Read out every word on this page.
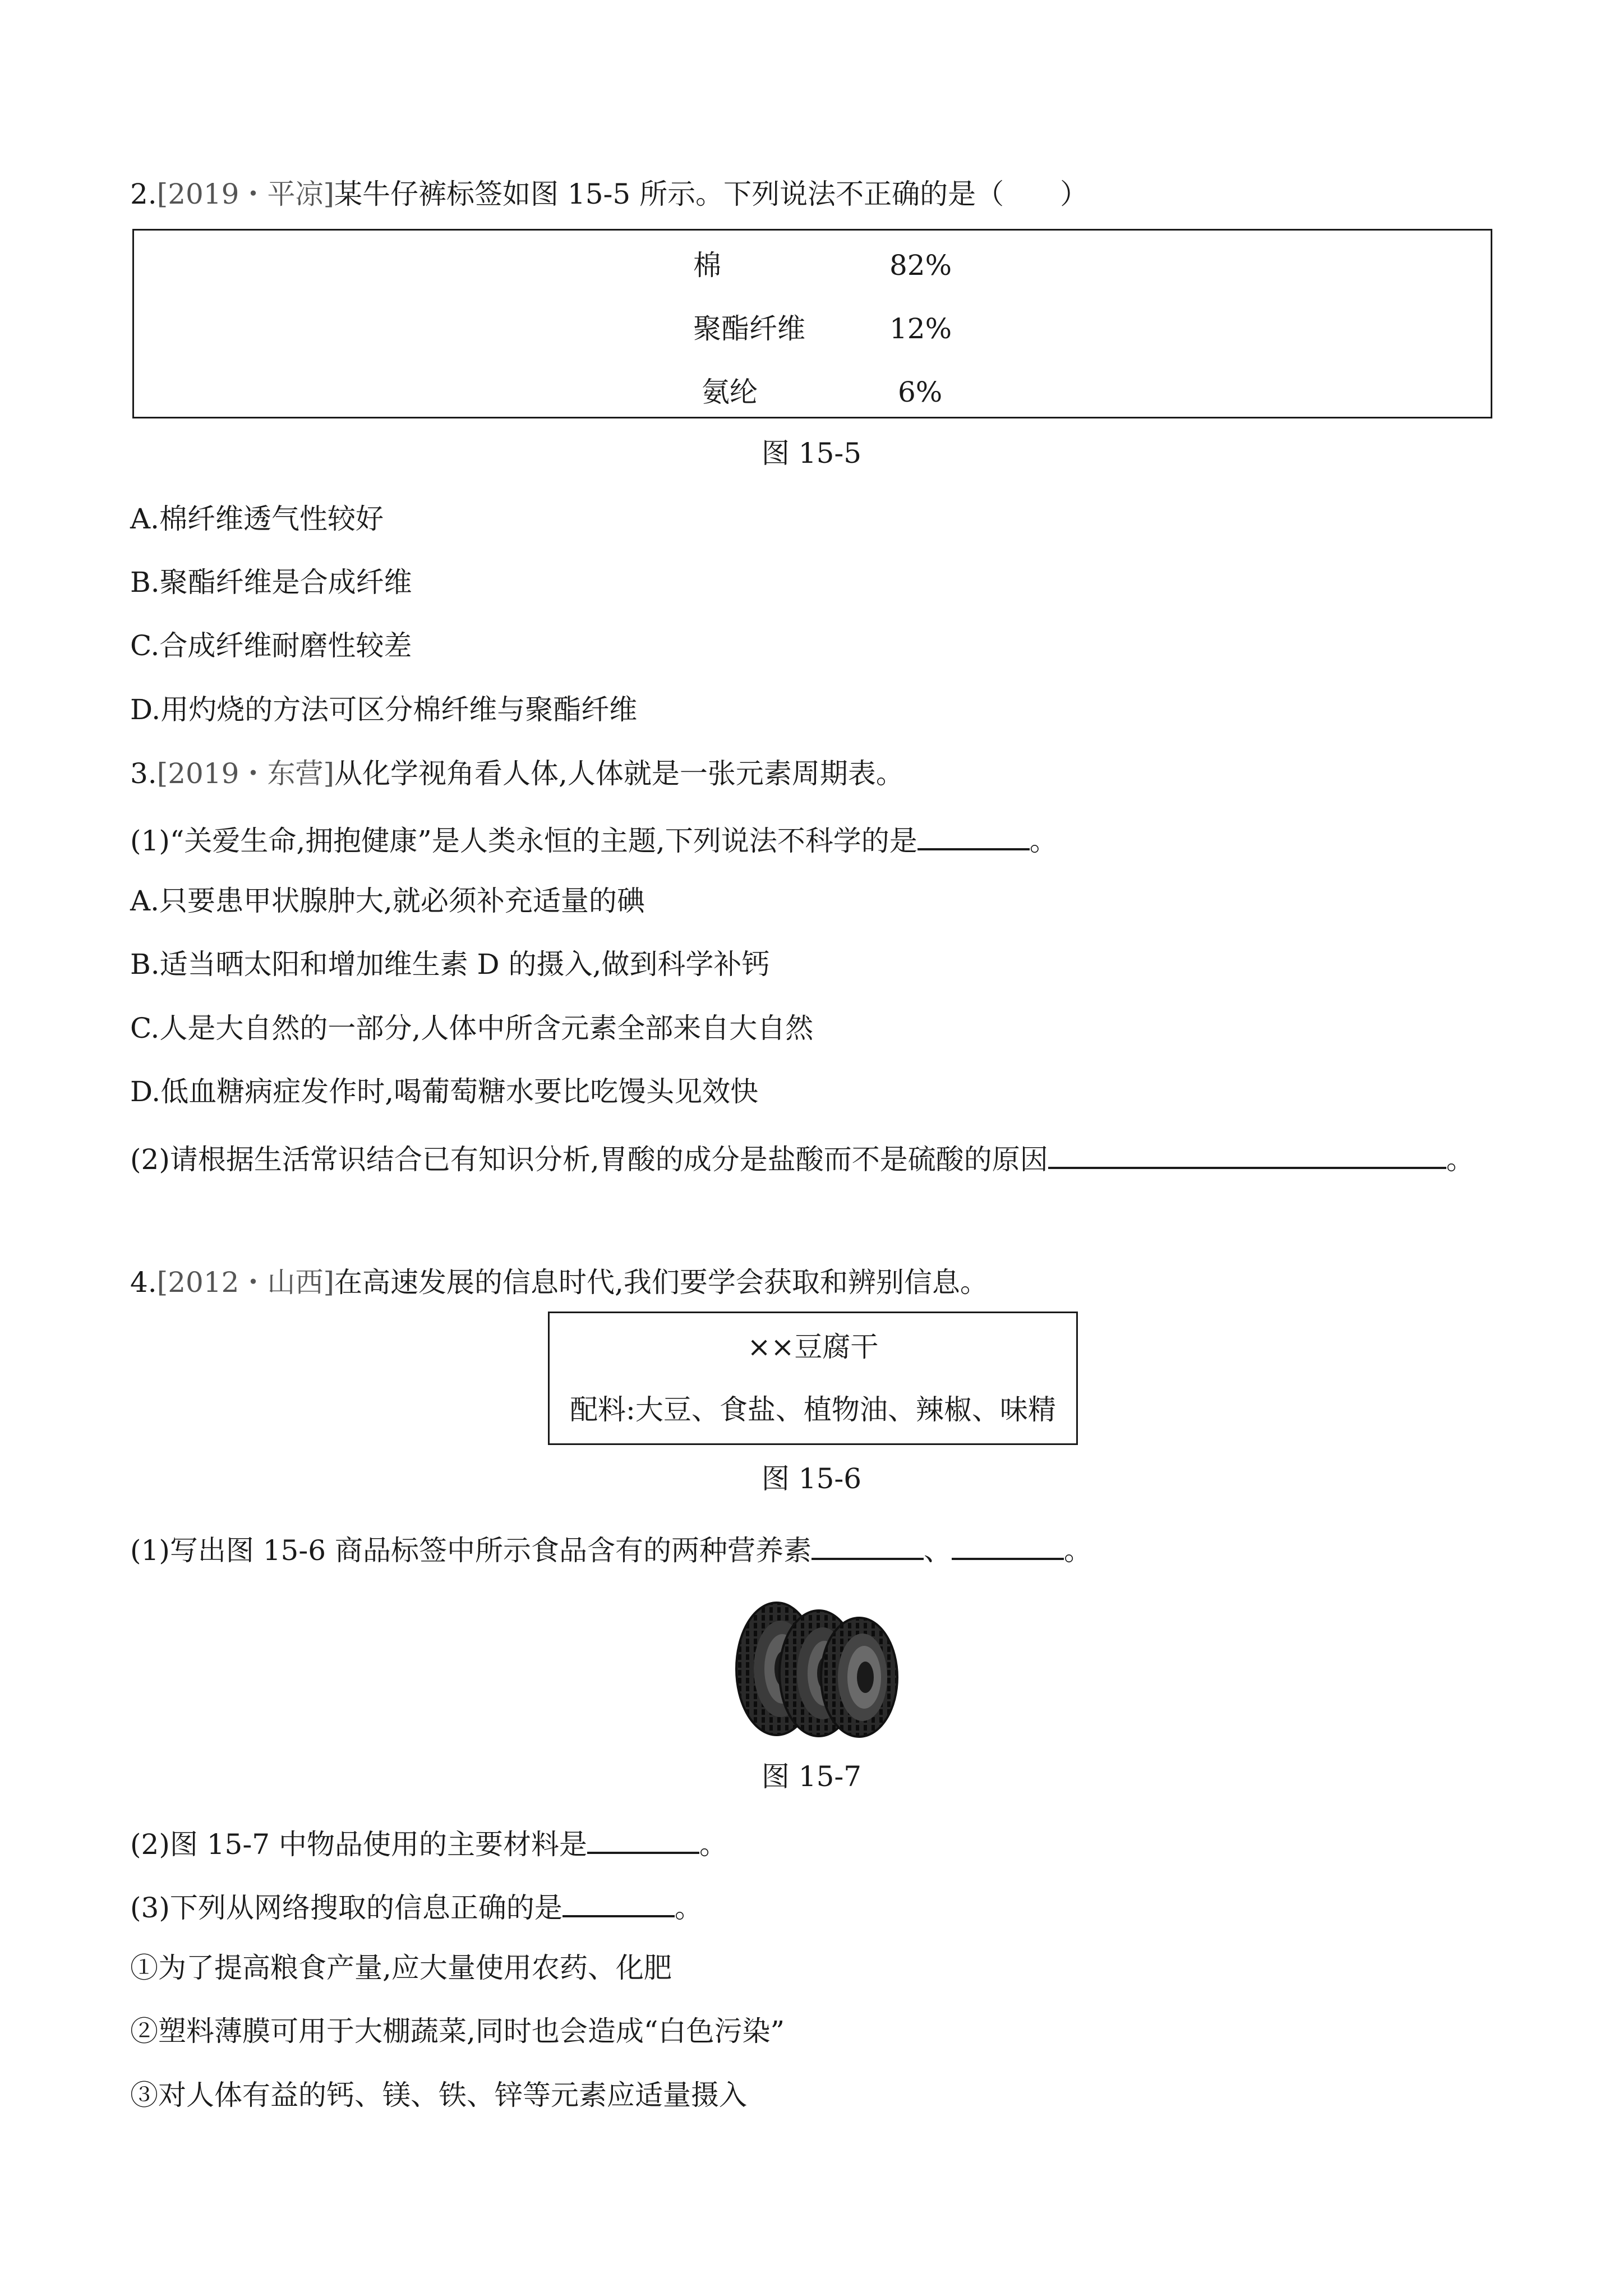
2.[2019・平凉]某牛仔裤标签如图 15-5 所示。下列说法不正确的是（　　）
棉	82%
聚酯纤维	12%
氨纶	6%
图 15-5
A.棉纤维透气性较好
B.聚酯纤维是合成纤维
C.合成纤维耐磨性较差
D.用灼烧的方法可区分棉纤维与聚酯纤维
3.[2019・东营]从化学视角看人体,人体就是一张元素周期表。
(1)“关爱生命,拥抱健康”是人类永恒的主题,下列说法不科学的是	。
A.只要患甲状腺肿大,就必须补充适量的碘
B.适当晒太阳和增加维生素 D 的摄入,做到科学补钙
C.人是大自然的一部分,人体中所含元素全部来自大自然
D.低血糖病症发作时,喝葡萄糖水要比吃馒头见效快
(2)请根据生活常识结合已有知识分析,胃酸的成分是盐酸而不是硫酸的原因	。
4.[2012・山西]在高速发展的信息时代,我们要学会获取和辨别信息。
××豆腐干
配料:大豆、食盐、植物油、辣椒、味精
图 15-6
(1)写出图 15-6 商品标签中所示食品含有的两种营养素	、	。
图 15-7
(2)图 15-7 中物品使用的主要材料是	。
(3)下列从网络搜取的信息正确的是	。
①为了提高粮食产量,应大量使用农药、化肥
②塑料薄膜可用于大棚蔬菜,同时也会造成“白色污染”
③对人体有益的钙、镁、铁、锌等元素应适量摄入
